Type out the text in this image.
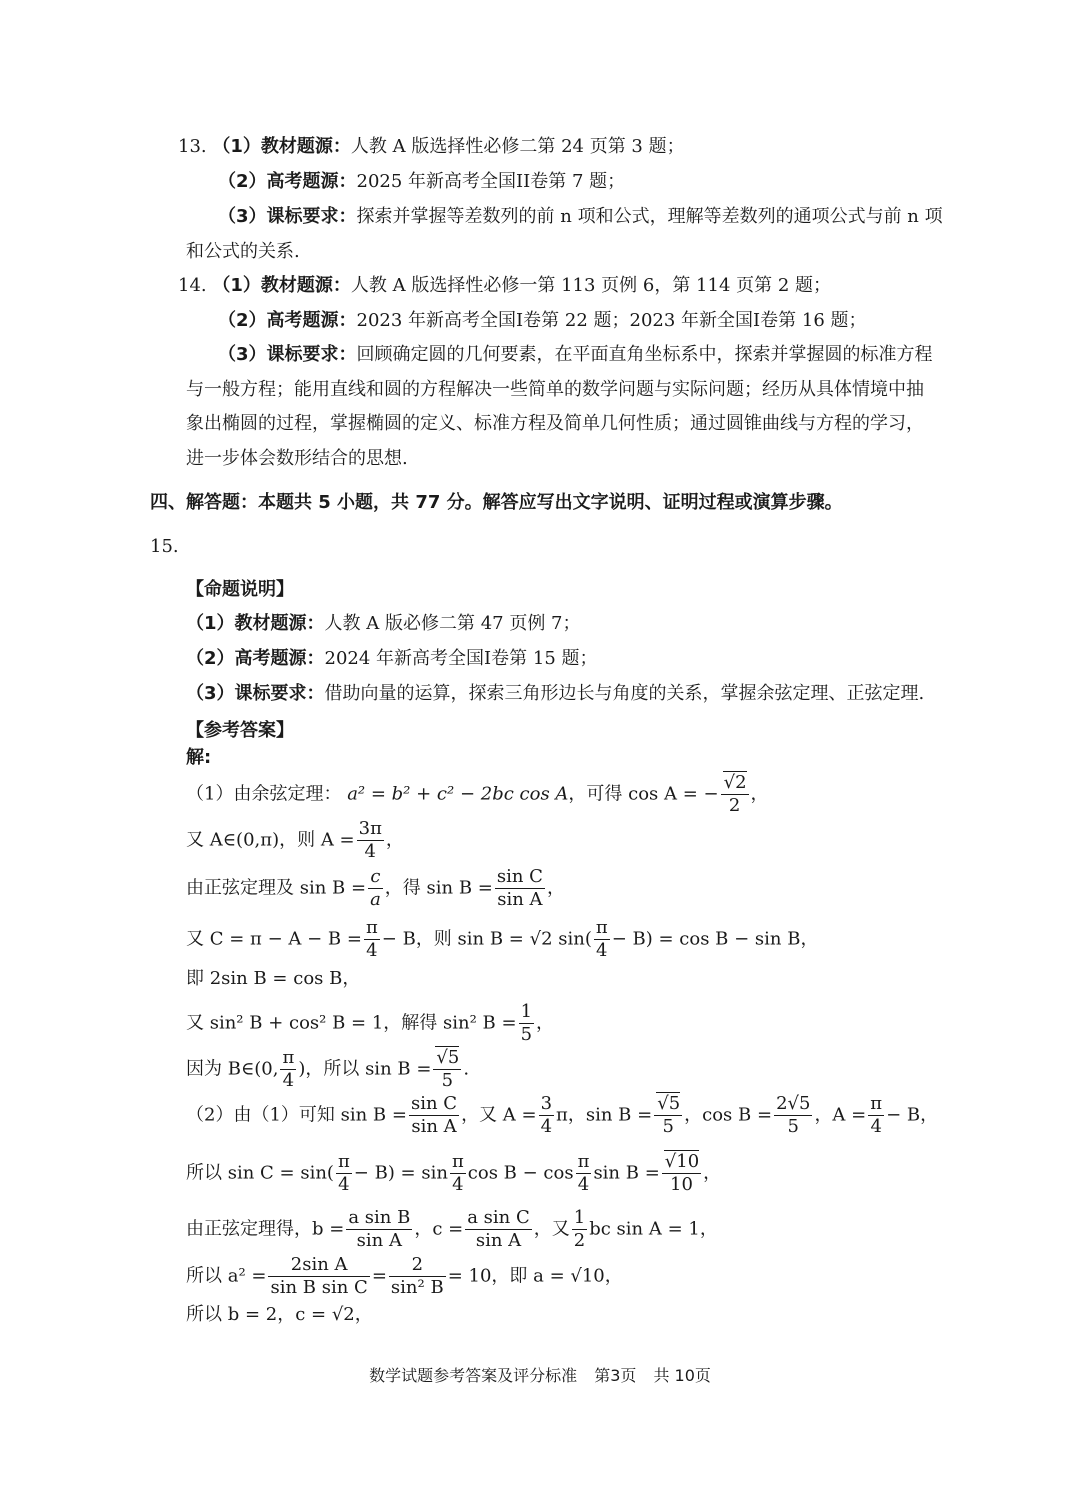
13. （1）教材题源：人教 A 版选择性必修二第 24 页第 3 题；
（2）高考题源：2025 年新高考全国II卷第 7 题；
（3）课标要求：探索并掌握等差数列的前 n 项和公式，理解等差数列的通项公式与前 n 项
和公式的关系.
14. （1）教材题源：人教 A 版选择性必修一第 113 页例 6，第 114 页第 2 题；
（2）高考题源：2023 年新高考全国I卷第 22 题；2023 年新全国I卷第 16 题；
（3）课标要求：回顾确定圆的几何要素，在平面直角坐标系中，探索并掌握圆的标准方程
与一般方程；能用直线和圆的方程解决一些简单的数学问题与实际问题；经历从具体情境中抽
象出椭圆的过程，掌握椭圆的定义、标准方程及简单几何性质；通过圆锥曲线与方程的学习，
进一步体会数形结合的思想.
四、解答题：本题共 5 小题，共 77 分。解答应写出文字说明、证明过程或演算步骤。
15.
【命题说明】
（1）教材题源：人教 A 版必修二第 47 页例 7；
（2）高考题源：2024 年新高考全国I卷第 15 题；
（3）课标要求：借助向量的运算，探索三角形边长与角度的关系，掌握余弦定理、正弦定理.
【参考答案】
解:
（1）由余弦定理： a² = b² + c² − 2bc cos A，可得 cos A = − $\frac{√2}{2}$ ，
又 A∈(0,π)，则 $A = \frac{3\pi}{4}$ ，
由正弦定理及 $\sin B = \frac{c}{a}$ ，得 $\sin B = \frac{\text{sin C}}{\text{sin A}}$ ，
又 $C = \pi - A - B = \frac{\pi}{4} - B$，则 sin B = √2 $\sin( \frac{\pi}{4} - B) = \cos B - \sin B$，
即 2sin B = cos B，
又 sin² B + cos² B = 1，解得 sin² $B = \frac{1}{5}$ ，
因为 B∈(0, $\frac{\pi}{4}$ )，所以 $\sin B = \frac{√5}{5}$ .
（2）由（1）可知 $\sin B = \frac{\text{sin C}}{\text{sin A}}$ ，又 $A = \frac{3}{4}$ π，$\sin B = \frac{√5}{5}$ ，$\cos B = \frac{2√5}{5}$ ，$A = \frac{\pi}{4} - B$，
所以 $\sin C = \sin( \frac{\pi}{4} - B) = \sin \frac{\pi}{4}$ $\cos B - \cos \frac{\pi}{4}$ $\sin B = \frac{√10}{10}$ ，
由正弦定理得，$b = \frac{\text{a sin B}}{\text{sin A}}$ ，$c = \frac{\text{a sin C}}{\text{sin A}}$ ，又 $\frac{1}{2}$ bc sin A = 1，
所以 $a^2 = \frac{\text{2sin A}}{\text{sin B sin C}} = \frac{2}{\text{sin² B}} = 10$，即 a = √10，
所以 b = 2，c = √2，
数学试题参考答案及评分标准 第3页 共 10页
